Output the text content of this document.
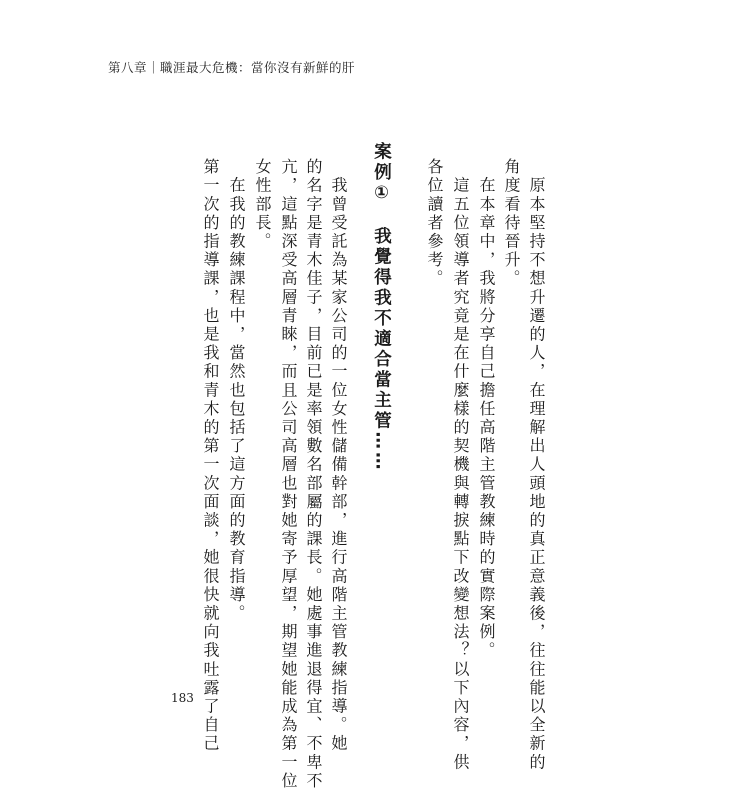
第八章｜職涯最大危機：當你沒有新鮮的肝
　原本堅持不想升遷的人，在理解出人頭地的真正意義後，往往能以全新的
角度看待晉升。
　在本章中，我將分享自己擔任高階主管教練時的實際案例。
　這五位領導者究竟是在什麼樣的契機與轉捩點下改變想法？以下內容，供
各位讀者參考。
案例①　我覺得我不適合當主管……
　我曾受託為某家公司的一位女性儲備幹部，進行高階主管教練指導。她
的名字是青木佳子，目前已是率領數名部屬的課長。她處事進退得宜、不卑不
亢，這點深受高層青睞，而且公司高層也對她寄予厚望，期望她能成為第一位
女性部長。
　在我的教練課程中，當然也包括了這方面的教育指導。
第一次的指導課，也是我和青木的第一次面談，她很快就向我吐露了自己
183
